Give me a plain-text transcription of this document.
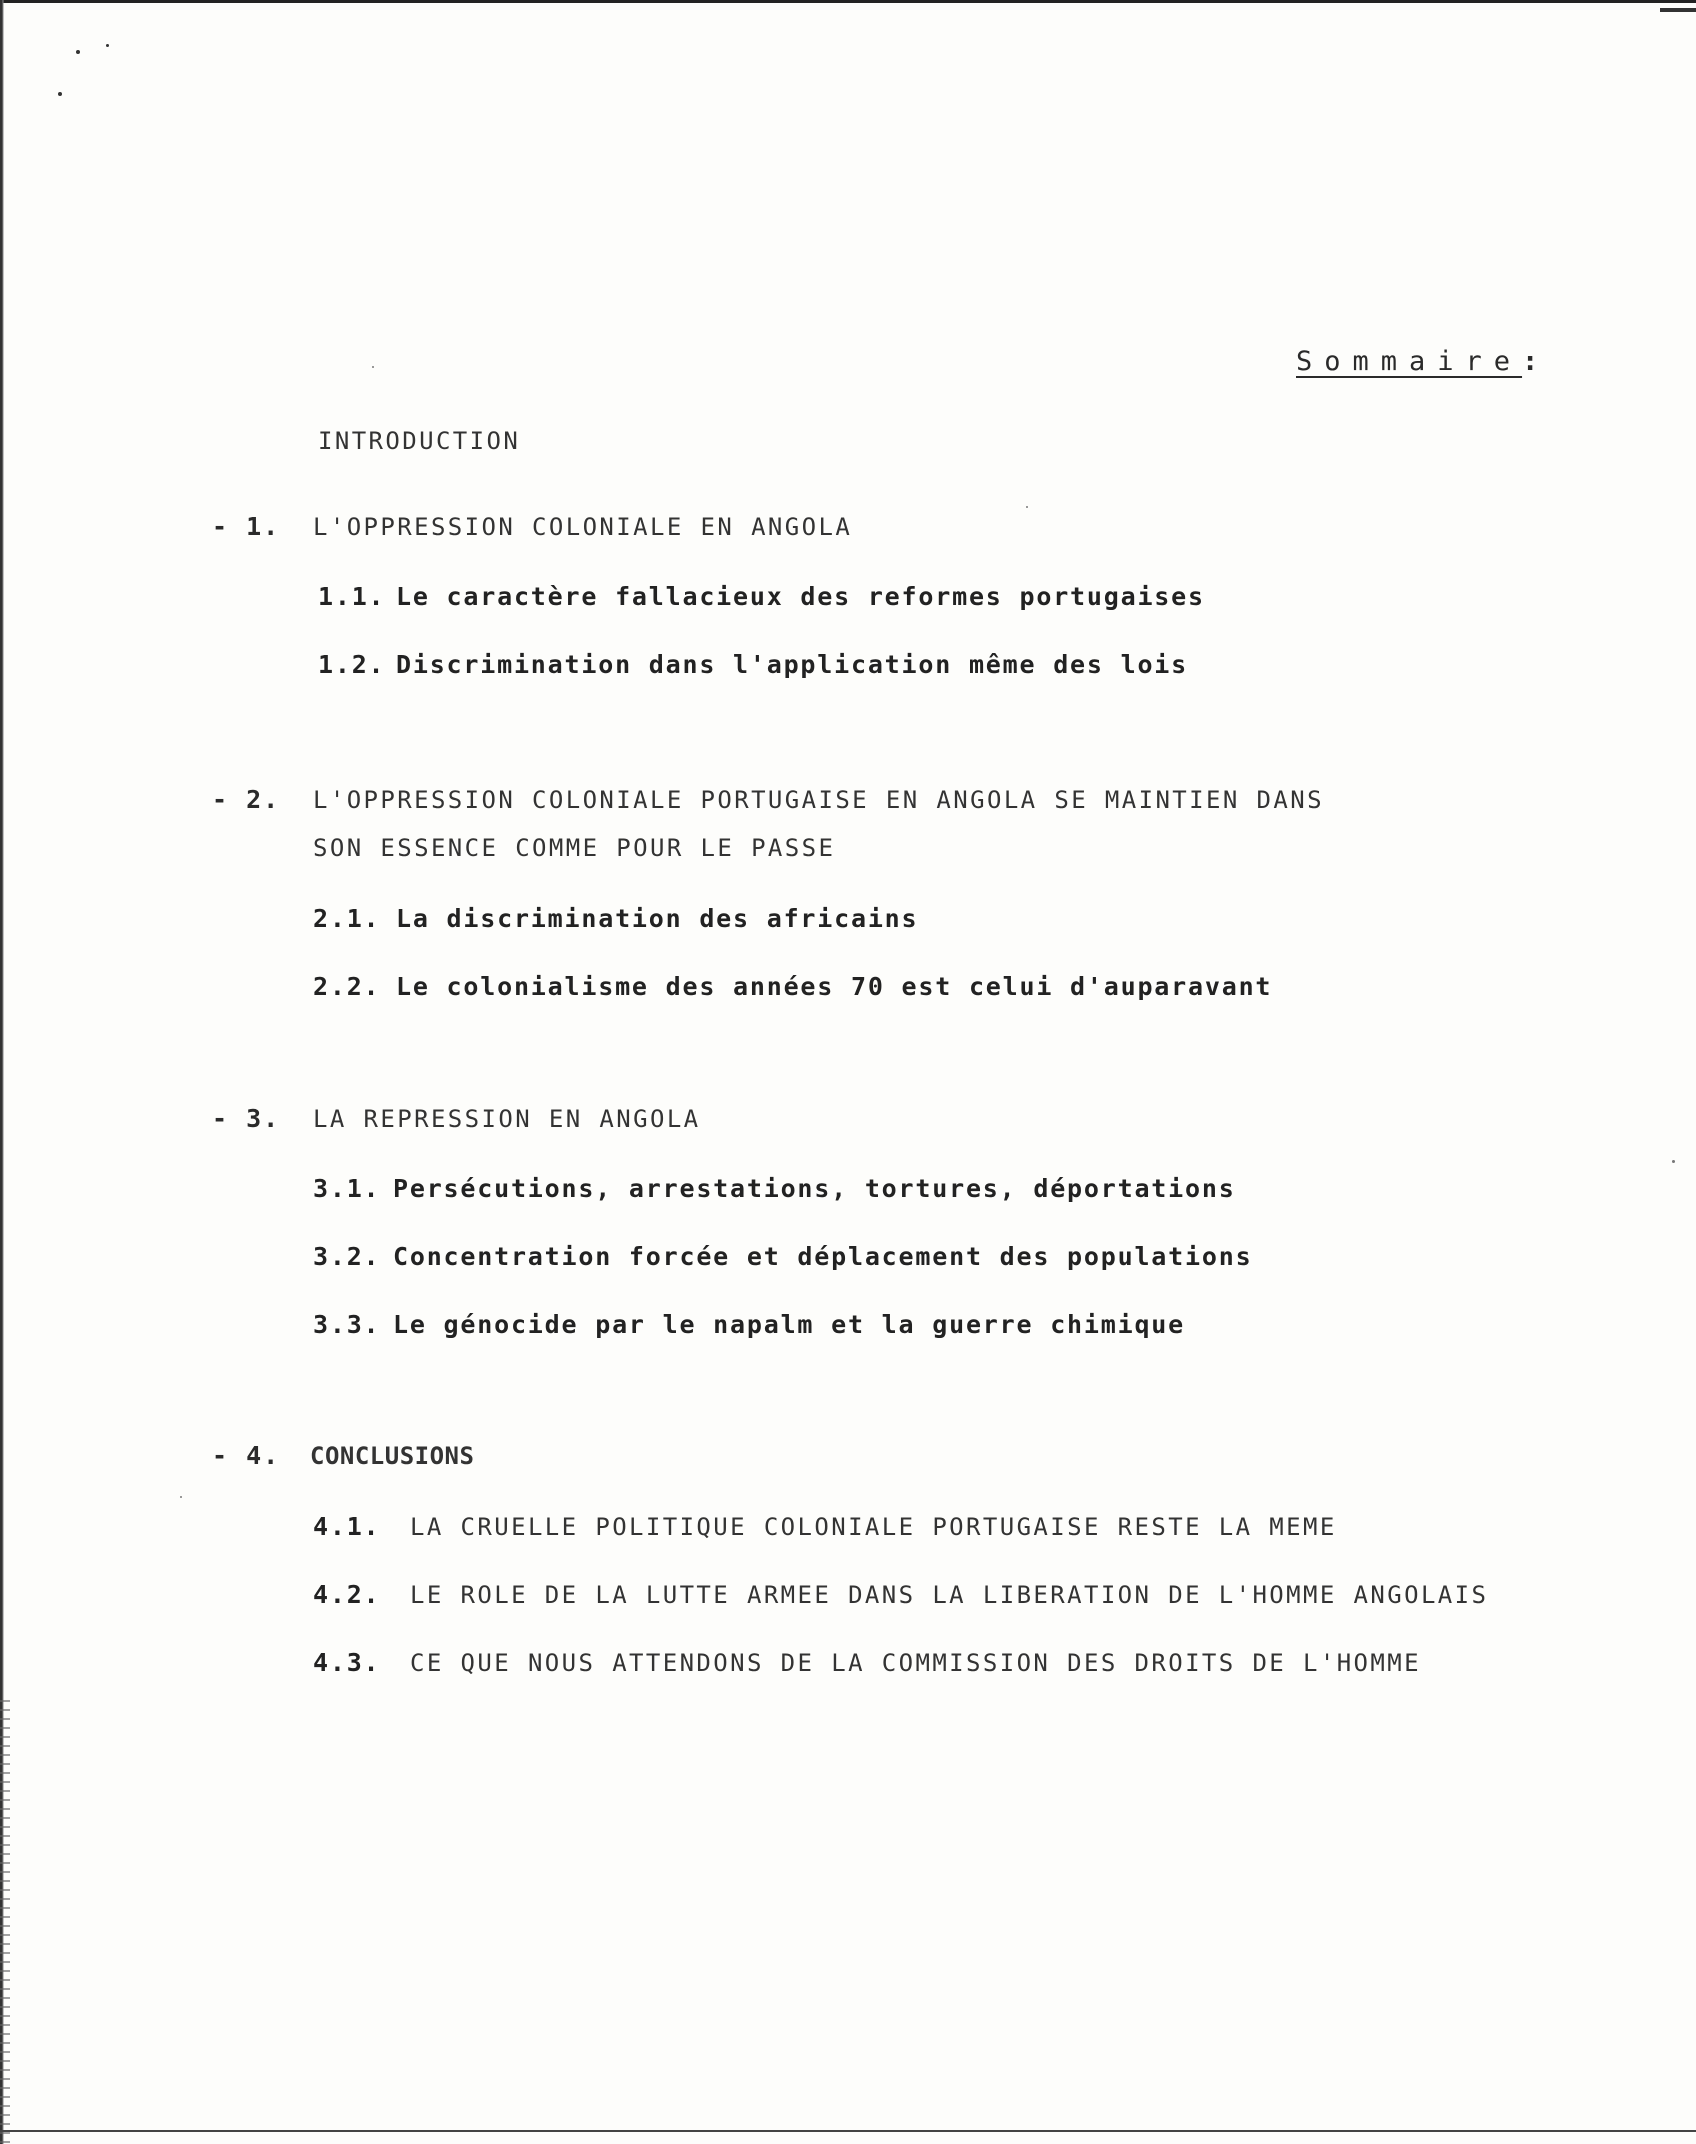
Sommaire:
INTRODUCTION
- 1. L'OPPRESSION COLONIALE EN ANGOLA
1.1. Le caractère fallacieux des reformes portugaises
1.2. Discrimination dans l'application même des lois
- 2. L'OPPRESSION COLONIALE PORTUGAISE EN ANGOLA SE MAINTIEN DANS
SON ESSENCE COMME POUR LE PASSE
2.1. La discrimination des africains
2.2. Le colonialisme des années 70 est celui d'auparavant
- 3. LA REPRESSION EN ANGOLA
3.1. Persécutions, arrestations, tortures, déportations
3.2. Concentration forcée et déplacement des populations
3.3. Le génocide par le napalm et la guerre chimique
- 4. CONCLUSIONS
4.1. LA CRUELLE POLITIQUE COLONIALE PORTUGAISE RESTE LA MEME
4.2. LE ROLE DE LA LUTTE ARMEE DANS LA LIBERATION DE L'HOMME ANGOLAIS
4.3. CE QUE NOUS ATTENDONS DE LA COMMISSION DES DROITS DE L'HOMME
